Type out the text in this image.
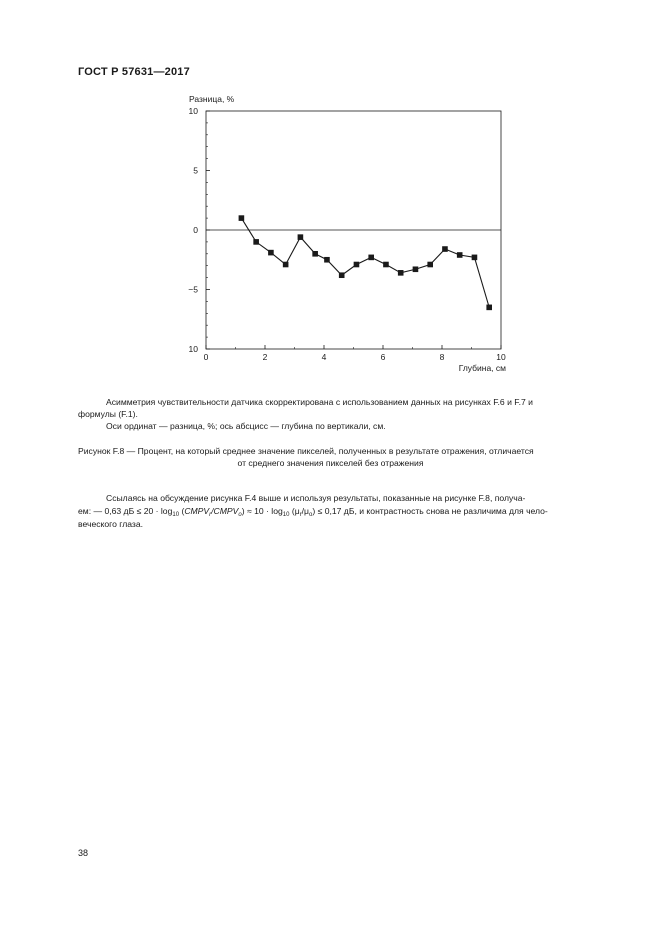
ГОСТ Р 57631—2017
10
5
0
−5
10
0	2	4	6	8	10
Разница, %
Глубина, см
Асимметрия чувствительности датчика скорректирована с использованием данных на рисунках F.6 и F.7 и
формулы (F.1).
Оси ординат — разница, %; ось абсцисс — глубина по вертикали, см.
Рисунок F.8 — Процент, на который среднее значение пикселей, полученных в результате отражения, отличается
от среднего значения пикселей без отражения
Ссылаясь на обсуждение рисунка F.4 выше и используя результаты, показанные на рисунке F.8, получа-
ем: — 0,63 дБ ≤ $20 \cdot \log_{10}$ $(CMPV_r/CMPV_o) \approx 10 \cdot \log_{10} (\mu_r/\mu_o) \le 0,17$ дБ, и контрастность снова не различима для чело-
веческого глаза.
38
